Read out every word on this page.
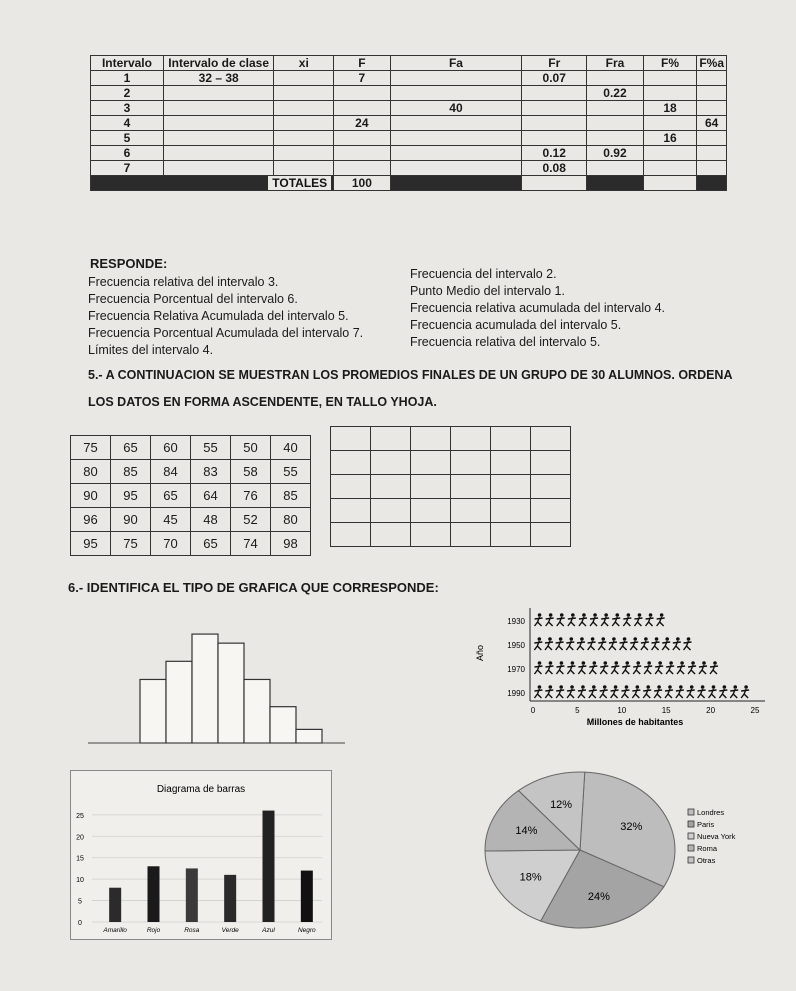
Intervalo	Intervalo de clase	xi	F	Fa	Fr	Fra	F%	F%a
1	32 – 38		7		0.07			
2						0.22		
3				40			18	
4			24					64
5							16	
6					0.12	0.92		
7					0.08			
TOTALES			100					
RESPONDE:
Frecuencia relativa del intervalo 3.
Frecuencia Porcentual del intervalo 6.
Frecuencia Relativa Acumulada del intervalo 5.
Frecuencia Porcentual Acumulada del intervalo 7.
Límites del intervalo 4.
Frecuencia del intervalo 2.
Punto Medio del intervalo 1.
Frecuencia relativa acumulada del intervalo 4.
Frecuencia acumulada del intervalo 5.
Frecuencia relativa del intervalo 5.
5.- A CONTINUACION SE MUESTRAN LOS PROMEDIOS FINALES DE UN GRUPO DE 30 ALUMNOS. ORDENA
LOS DATOS EN FORMA ASCENDENTE, EN TALLO YHOJA.
75	65	60	55	50	40
80	85	84	83	58	55
90	95	65	64	76	85
96	90	45	48	52	80
95	75	70	65	74	98

6.- IDENTIFICA EL TIPO DE GRAFICA QUE CORRESPONDE:
Año
1930
1950
1970
1990
0	5	10	15	20	25
Millones de habitantes
Diagrama de barras
0
5
10
15
20
25
Amarillo	Rojo	Rosa	Verde	Azul	Negro
32%
24%
18%
14%
12%
Londres
Paris
Nueva York
Roma
Otras
